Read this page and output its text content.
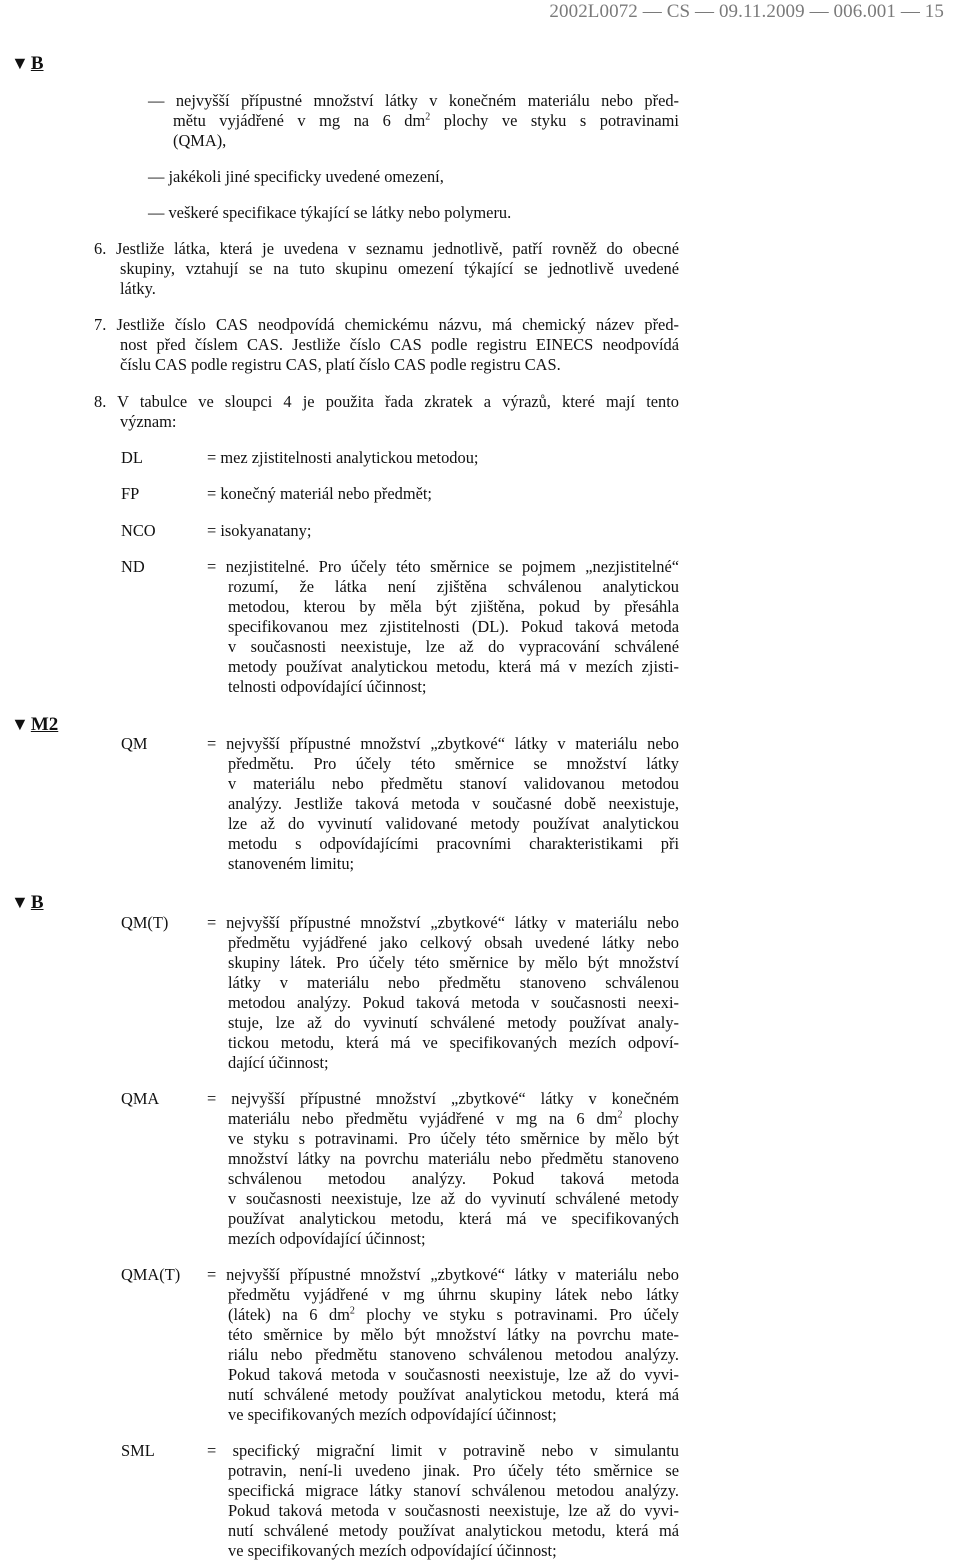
2002L0072 — CS — 09.11.2009 — 006.001 — 15
▼ B
— nejvyšší přípustné množství látky v konečném materiálu nebo před-
mětu vyjádřené v mg na 6 $dm^2$ plochy ve styku s potravinami
(QMA),
— jakékoli jiné specificky uvedené omezení,
— veškeré specifikace týkající se látky nebo polymeru.
6. Jestliže látka, která je uvedena v seznamu jednotlivě, patří rovněž do obecné
skupiny, vztahují se na tuto skupinu omezení týkající se jednotlivě uvedené
látky.
7. Jestliže číslo CAS neodpovídá chemickému názvu, má chemický název před-
nost před číslem CAS. Jestliže číslo CAS podle registru EINECS neodpovídá
číslu CAS podle registru CAS, platí číslo CAS podle registru CAS.
8. V tabulce ve sloupci 4 je použita řada zkratek a výrazů, které mají tento
význam:
▼ M2
▼ B
DL	= mez zjistitelnosti analytickou metodou;
FP	= konečný materiál nebo předmět;
NCO	= isokyanatany;
ND	= nezjistitelné. Pro účely této směrnice se pojmem „nezjistitelné“
rozumí, že látka není zjištěna schválenou analytickou
metodou, kterou by měla být zjištěna, pokud by přesáhla
specifikovanou mez zjistitelnosti (DL). Pokud taková metoda
v současnosti neexistuje, lze až do vypracování schválené
metody používat analytickou metodu, která má v mezích zjisti-
telnosti odpovídající účinnost;
QM	= nejvyšší přípustné množství „zbytkové“ látky v materiálu nebo
předmětu. Pro účely této směrnice se množství látky
v materiálu nebo předmětu stanoví validovanou metodou
analýzy. Jestliže taková metoda v současné době neexistuje,
lze až do vyvinutí validované metody používat analytickou
metodu s odpovídajícími pracovními charakteristikami při
stanoveném limitu;
QM(T) = nejvyšší přípustné množství „zbytkové“ látky v materiálu nebo
předmětu vyjádřené jako celkový obsah uvedené látky nebo
skupiny látek. Pro účely této směrnice by mělo být množství
látky v materiálu nebo předmětu stanoveno schválenou
metodou analýzy. Pokud taková metoda v současnosti neexi-
stuje, lze až do vyvinutí schválené metody používat analy-
tickou metodu, která má ve specifikovaných mezích odpoví-
dající účinnost;
QMA	= nejvyšší přípustné množství „zbytkové“ látky v konečném
materiálu nebo předmětu vyjádřené v mg na 6 $dm^2$ plochy
ve styku s potravinami. Pro účely této směrnice by mělo být
množství látky na povrchu materiálu nebo předmětu stanoveno
schválenou metodou analýzy. Pokud taková metoda
v současnosti neexistuje, lze až do vyvinutí schválené metody
používat analytickou metodu, která má ve specifikovaných
mezích odpovídající účinnost;
QMA(T) = nejvyšší přípustné množství „zbytkové“ látky v materiálu nebo
předmětu vyjádřené v mg úhrnu skupiny látek nebo látky
(látek) na 6 $dm^2$ plochy ve styku s potravinami. Pro účely
této směrnice by mělo být množství látky na povrchu mate-
riálu nebo předmětu stanoveno schválenou metodou analýzy.
Pokud taková metoda v současnosti neexistuje, lze až do vyvi-
nutí schválené metody používat analytickou metodu, která má
ve specifikovaných mezích odpovídající účinnost;
SML	= specifický migrační limit v potravině nebo v simulantu
potravin, není-li uvedeno jinak. Pro účely této směrnice se
specifická migrace látky stanoví schválenou metodou analýzy.
Pokud taková metoda v současnosti neexistuje, lze až do vyvi-
nutí schválené metody používat analytickou metodu, která má
ve specifikovaných mezích odpovídající účinnost;
